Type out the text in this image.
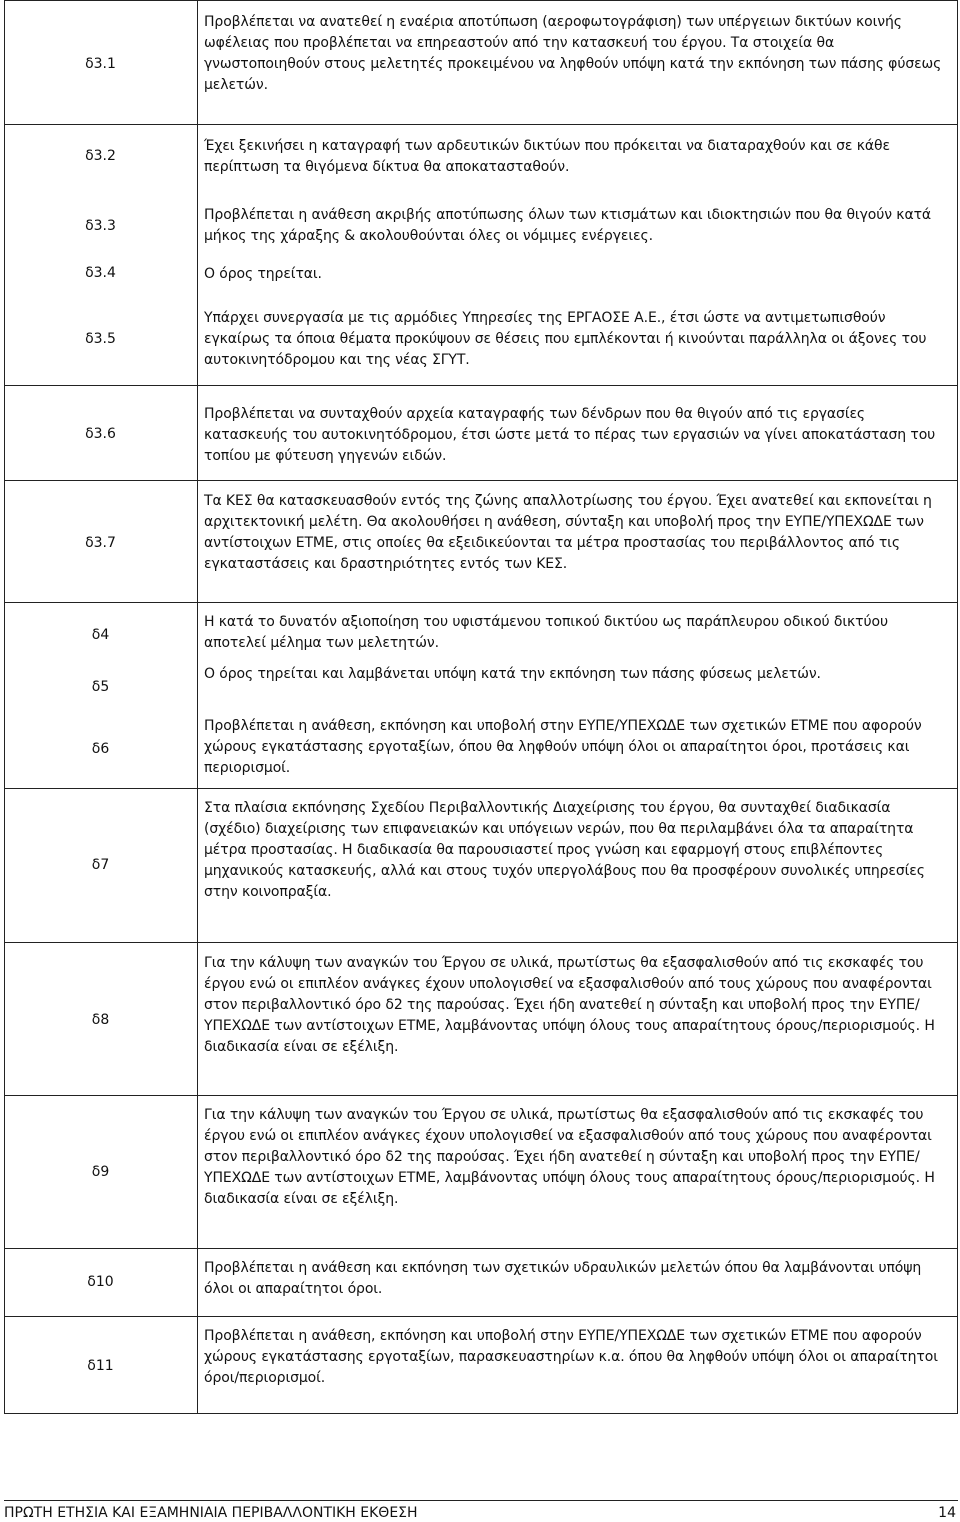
δ3.1
δ3.2
δ3.3
δ3.4
δ3.5
δ3.6
δ3.7
δ4
δ5
δ6
δ7
δ8
δ9
δ10
δ11
Προβλέπεται να ανατεθεί η εναέρια αποτύπωση (αεροφωτογράφιση) των υπέργειων δικτύων κοινής ωφέλειας που προβλέπεται να επηρεαστούν από την κατασκευή του έργου. Τα στοιχεία θα γνωστοποιηθούν στους μελετητές προκειμένου να ληφθούν υπόψη κατά την εκπόνηση των πάσης φύσεως μελετών.
Έχει ξεκινήσει η καταγραφή των αρδευτικών δικτύων που πρόκειται να διαταραχθούν και σε κάθε περίπτωση τα θιγόμενα δίκτυα θα αποκατασταθούν.
Προβλέπεται η ανάθεση ακριβής αποτύπωσης όλων των κτισμάτων και ιδιοκτησιών που θα θιγούν κατά μήκος της χάραξης & ακολουθούνται όλες οι νόμιμες ενέργειες.
Ο όρος τηρείται.
Υπάρχει συνεργασία με τις αρμόδιες Υπηρεσίες της ΕΡΓΑΟΣΕ Α.Ε., έτσι ώστε να αντιμετωπισθούν εγκαίρως τα όποια θέματα προκύψουν σε θέσεις που εμπλέκονται ή κινούνται παράλληλα οι άξονες του αυτοκινητόδρομου και της νέας ΣΓΥΤ.
Προβλέπεται να συνταχθούν αρχεία καταγραφής των δένδρων που θα θιγούν από τις εργασίες κατασκευής του αυτοκινητόδρομου, έτσι ώστε μετά το πέρας των εργασιών να γίνει αποκατάσταση του τοπίου με φύτευση γηγενών ειδών.
Τα ΚΕΣ θα κατασκευασθούν εντός της ζώνης απαλλοτρίωσης του έργου. Έχει ανατεθεί και εκπονείται η αρχιτεκτονική μελέτη. Θα ακολουθήσει η ανάθεση, σύνταξη και υποβολή προς την ΕΥΠΕ/ΥΠΕΧΩΔΕ των αντίστοιχων ΕΤΜΕ, στις οποίες θα εξειδικεύονται τα μέτρα προστασίας του περιβάλλοντος από τις εγκαταστάσεις και δραστηριότητες εντός των ΚΕΣ.
Η κατά το δυνατόν αξιοποίηση του υφιστάμενου τοπικού δικτύου ως παράπλευρου οδικού δικτύου αποτελεί μέλημα των μελετητών.
Ο όρος τηρείται και λαμβάνεται υπόψη κατά την εκπόνηση των πάσης φύσεως μελετών.
Προβλέπεται η ανάθεση, εκπόνηση και υποβολή στην ΕΥΠΕ/ΥΠΕΧΩΔΕ των σχετικών ΕΤΜΕ που αφορούν χώρους εγκατάστασης εργοταξίων, όπου θα ληφθούν υπόψη όλοι οι απαραίτητοι όροι, προτάσεις και περιορισμοί.
Στα πλαίσια εκπόνησης Σχεδίου Περιβαλλοντικής Διαχείρισης του έργου, θα συνταχθεί διαδικασία (σχέδιο) διαχείρισης των επιφανειακών και υπόγειων νερών, που θα περιλαμβάνει όλα τα απαραίτητα μέτρα προστασίας. Η διαδικασία θα παρουσιαστεί προς γνώση και εφαρμογή στους επιβλέποντες μηχανικούς κατασκευής, αλλά και στους τυχόν υπεργολάβους που θα προσφέρουν συνολικές υπηρεσίες στην κοινοπραξία.
Για την κάλυψη των αναγκών του Έργου σε υλικά, πρωτίστως θα εξασφαλισθούν από τις εκσκαφές του έργου ενώ οι επιπλέον ανάγκες έχουν υπολογισθεί να εξασφαλισθούν από τους χώρους που αναφέρονται στον περιβαλλοντικό όρο δ2 της παρούσας. Έχει ήδη ανατεθεί η σύνταξη και υποβολή προς την ΕΥΠΕ/ΥΠΕΧΩΔΕ των αντίστοιχων ΕΤΜΕ, λαμβάνοντας υπόψη όλους τους απαραίτητους όρους/περιορισμούς. Η διαδικασία είναι σε εξέλιξη.
Για την κάλυψη των αναγκών του Έργου σε υλικά, πρωτίστως θα εξασφαλισθούν από τις εκσκαφές του έργου ενώ οι επιπλέον ανάγκες έχουν υπολογισθεί να εξασφαλισθούν από τους χώρους που αναφέρονται στον περιβαλλοντικό όρο δ2 της παρούσας. Έχει ήδη ανατεθεί η σύνταξη και υποβολή προς την ΕΥΠΕ/ΥΠΕΧΩΔΕ των αντίστοιχων ΕΤΜΕ, λαμβάνοντας υπόψη όλους τους απαραίτητους όρους/περιορισμούς. Η διαδικασία είναι σε εξέλιξη.
Προβλέπεται η ανάθεση και εκπόνηση των σχετικών υδραυλικών μελετών όπου θα λαμβάνονται υπόψη όλοι οι απαραίτητοι όροι.
Προβλέπεται η ανάθεση, εκπόνηση και υποβολή στην ΕΥΠΕ/ΥΠΕΧΩΔΕ των σχετικών ΕΤΜΕ που αφορούν χώρους εγκατάστασης εργοταξίων, παρασκευαστηρίων κ.α. όπου θα ληφθούν υπόψη όλοι οι απαραίτητοι όροι/περιορισμοί.
ΠΡΩΤΗ ΕΤΗΣΙΑ ΚΑΙ ΕΞΑΜΗΝΙΑΙΑ ΠΕΡΙΒΑΛΛΟΝΤΙΚΗ ΕΚΘΕΣΗ	14
